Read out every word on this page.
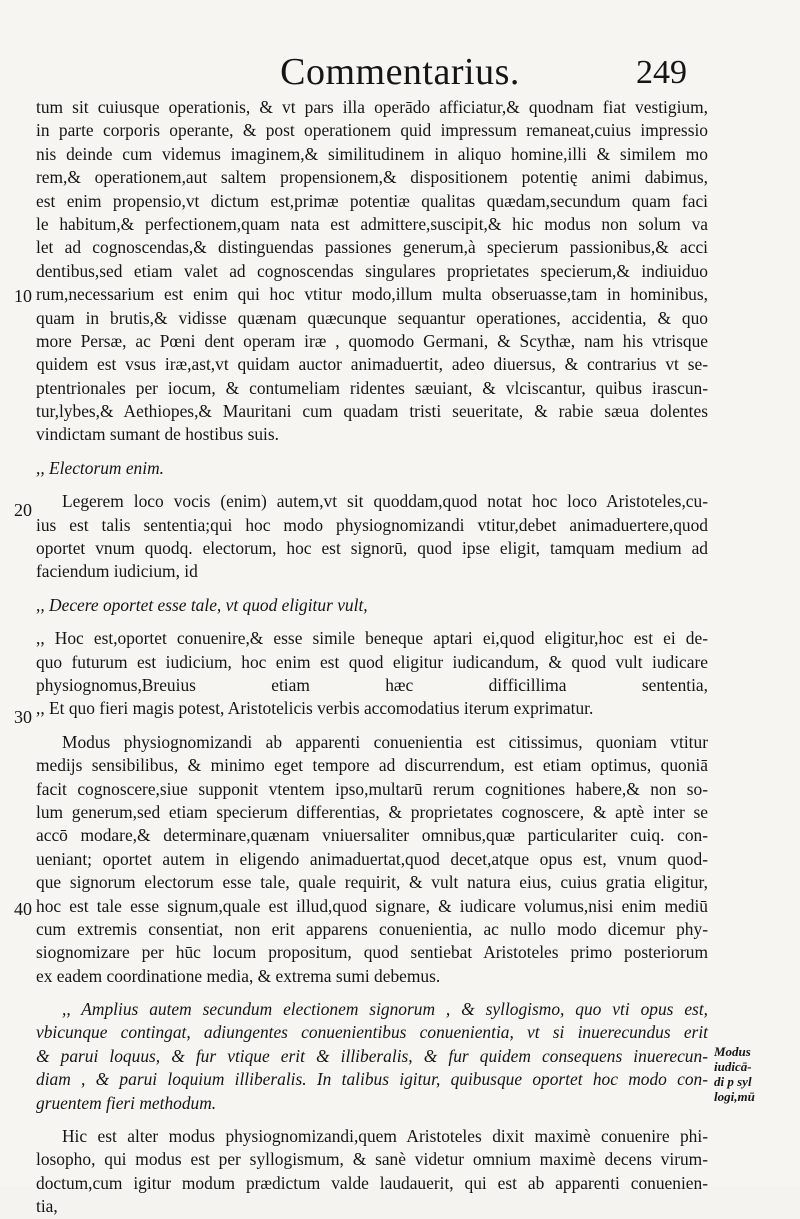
Commentarius.	249
tum sit cuiusque operationis, & vt pars illa operādo afficiatur,& quodnam fiat vestigium,
in parte corporis operante, & post operationem quid impressum remaneat,cuius impressio
nis deinde cum videmus imaginem,& similitudinem in aliquo homine,illi & similem mo
rem,& operationem,aut saltem propensionem,& dispositionem potentię animi dabimus,
est enim propensio,vt dictum est,primæ potentiæ qualitas quædam,secundum quam faci
le habitum,& perfectionem,quam nata est admittere,suscipit,& hic modus non solum va
let ad cognoscendas,& distinguendas passiones generum,à specierum passionibus,& acci
dentibus,sed etiam valet ad cognoscendas singulares proprietates specierum,& indiuiduo
rum,necessarium est enim qui hoc vtitur modo,illum multa obseruasse,tam in hominibus,
quam in brutis,& vidisse quænam quæcunque sequantur operationes, accidentia, & quo
more Persæ, ac Pœni dent operam iræ , quomodo Germani, & Scythæ, nam his vtrisque
quidem est vsus iræ,ast,vt quidam auctor animaduertit, adeo diuersus, & contrarius vt se-
ptentrionales per iocum, & contumeliam ridentes sæuiant, & vlciscantur, quibus irascun-
tur,lybes,& Aethiopes,& Mauritani cum quadam tristi seueritate, & rabie sæua dolentes
vindictam sumant de hostibus suis.
,, Electorum enim.
Legerem loco vocis (enim) autem,vt sit quoddam,quod notat hoc loco Aristoteles,cu-
ius est talis sententia;qui hoc modo physiognomizandi vtitur,debet animaduertere,quod
oportet vnum quodq. electorum, hoc est signorū, quod ipse eligit, tamquam medium ad
faciendum iudicium, id
,, Decere oportet esse tale, vt quod eligitur vult,
,, Hoc est,oportet conuenire,& esse simile beneque aptari ei,quod eligitur,hoc est ei de-
quo futurum est iudicium, hoc enim est quod eligitur iudicandum, & quod vult iudicare
physiognomus,Breuius etiam hæc difficillima sententia,
,, Et quo fieri magis potest, Aristotelicis verbis accomodatius iterum exprimatur.
Modus physiognomizandi ab apparenti conuenientia est citissimus, quoniam vtitur
medijs sensibilibus, & minimo eget tempore ad discurrendum, est etiam optimus, quoniā
facit cognoscere,siue supponit vtentem ipso,multarū rerum cognitiones habere,& non so-
lum generum,sed etiam specierum differentias, & proprietates cognoscere, & aptè inter se
accō modare,& determinare,quænam vniuersaliter omnibus,quæ particulariter cuiq. con-
ueniant; oportet autem in eligendo animaduertat,quod decet,atque opus est, vnum quod-
que signorum electorum esse tale, quale requirit, & vult natura eius, cuius gratia eligitur,
hoc est tale esse signum,quale est illud,quod signare, & iudicare volumus,nisi enim mediū
cum extremis consentiat, non erit apparens conuenientia, ac nullo modo dicemur phy-
siognomizare per hūc locum propositum, quod sentiebat Aristoteles primo posteriorum
ex eadem coordinatione media, & extrema sumi debemus.
,, Amplius autem secundum electionem signorum , & syllogismo, quo vti opus est,
vbicunque contingat, adiungentes conuenientibus conuenientia, vt si inuerecundus erit
& parui loquus, & fur vtique erit & illiberalis, & fur quidem consequens inuerecun-
diam , & parui loquium illiberalis. In talibus igitur, quibusque oportet hoc modo con-
gruentem fieri methodum.
Hic est alter modus physiognomizandi,quem Aristoteles dixit maximè conuenire phi-
losopho, qui modus est per syllogismum, & sanè videtur omnium maximè decens virum-
doctum,cum igitur modum prædictum valde laudauerit, qui est ab apparenti conuenien-
tia,
10
20
30
40
Modus
iudicā-
di p syl
logi,mū
